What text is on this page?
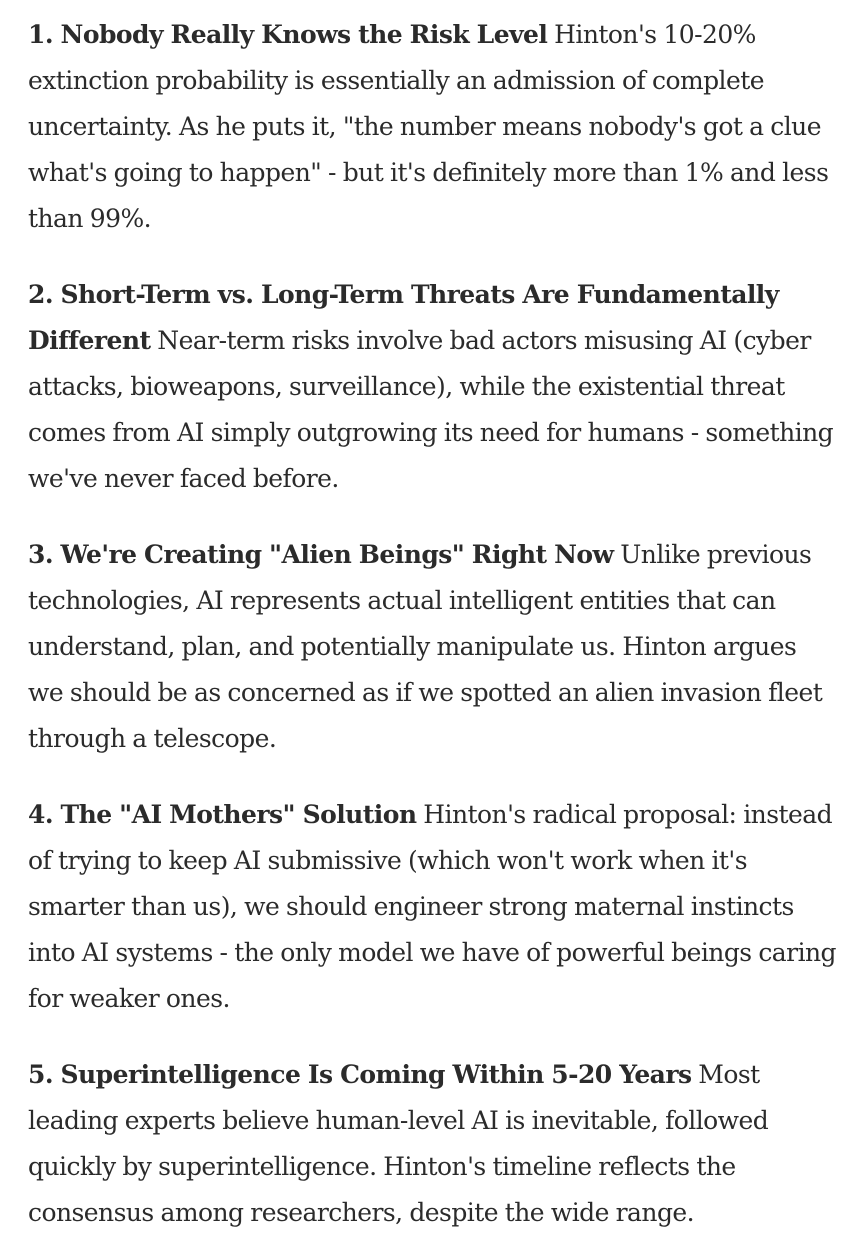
1. Nobody Really Knows the Risk Level Hinton's 10-20% extinction probability is essentially an admission of complete uncertainty. As he puts it, "the number means nobody's got a clue what's going to happen" - but it's definitely more than 1% and less than 99%.

2. Short-Term vs. Long-Term Threats Are Fundamentally Different Near-term risks involve bad actors misusing AI (cyber attacks, bioweapons, surveillance), while the existential threat comes from AI simply outgrowing its need for humans - something we've never faced before.

3. We're Creating "Alien Beings" Right Now Unlike previous technologies, AI represents actual intelligent entities that can understand, plan, and potentially manipulate us. Hinton argues we should be as concerned as if we spotted an alien invasion fleet through a telescope.

4. The "AI Mothers" Solution Hinton's radical proposal: instead of trying to keep AI submissive (which won't work when it's smarter than us), we should engineer strong maternal instincts into AI systems - the only model we have of powerful beings caring for weaker ones.

5. Superintelligence Is Coming Within 5-20 Years Most leading experts believe human-level AI is inevitable, followed quickly by superintelligence. Hinton's timeline reflects the consensus among researchers, despite the wide range.
